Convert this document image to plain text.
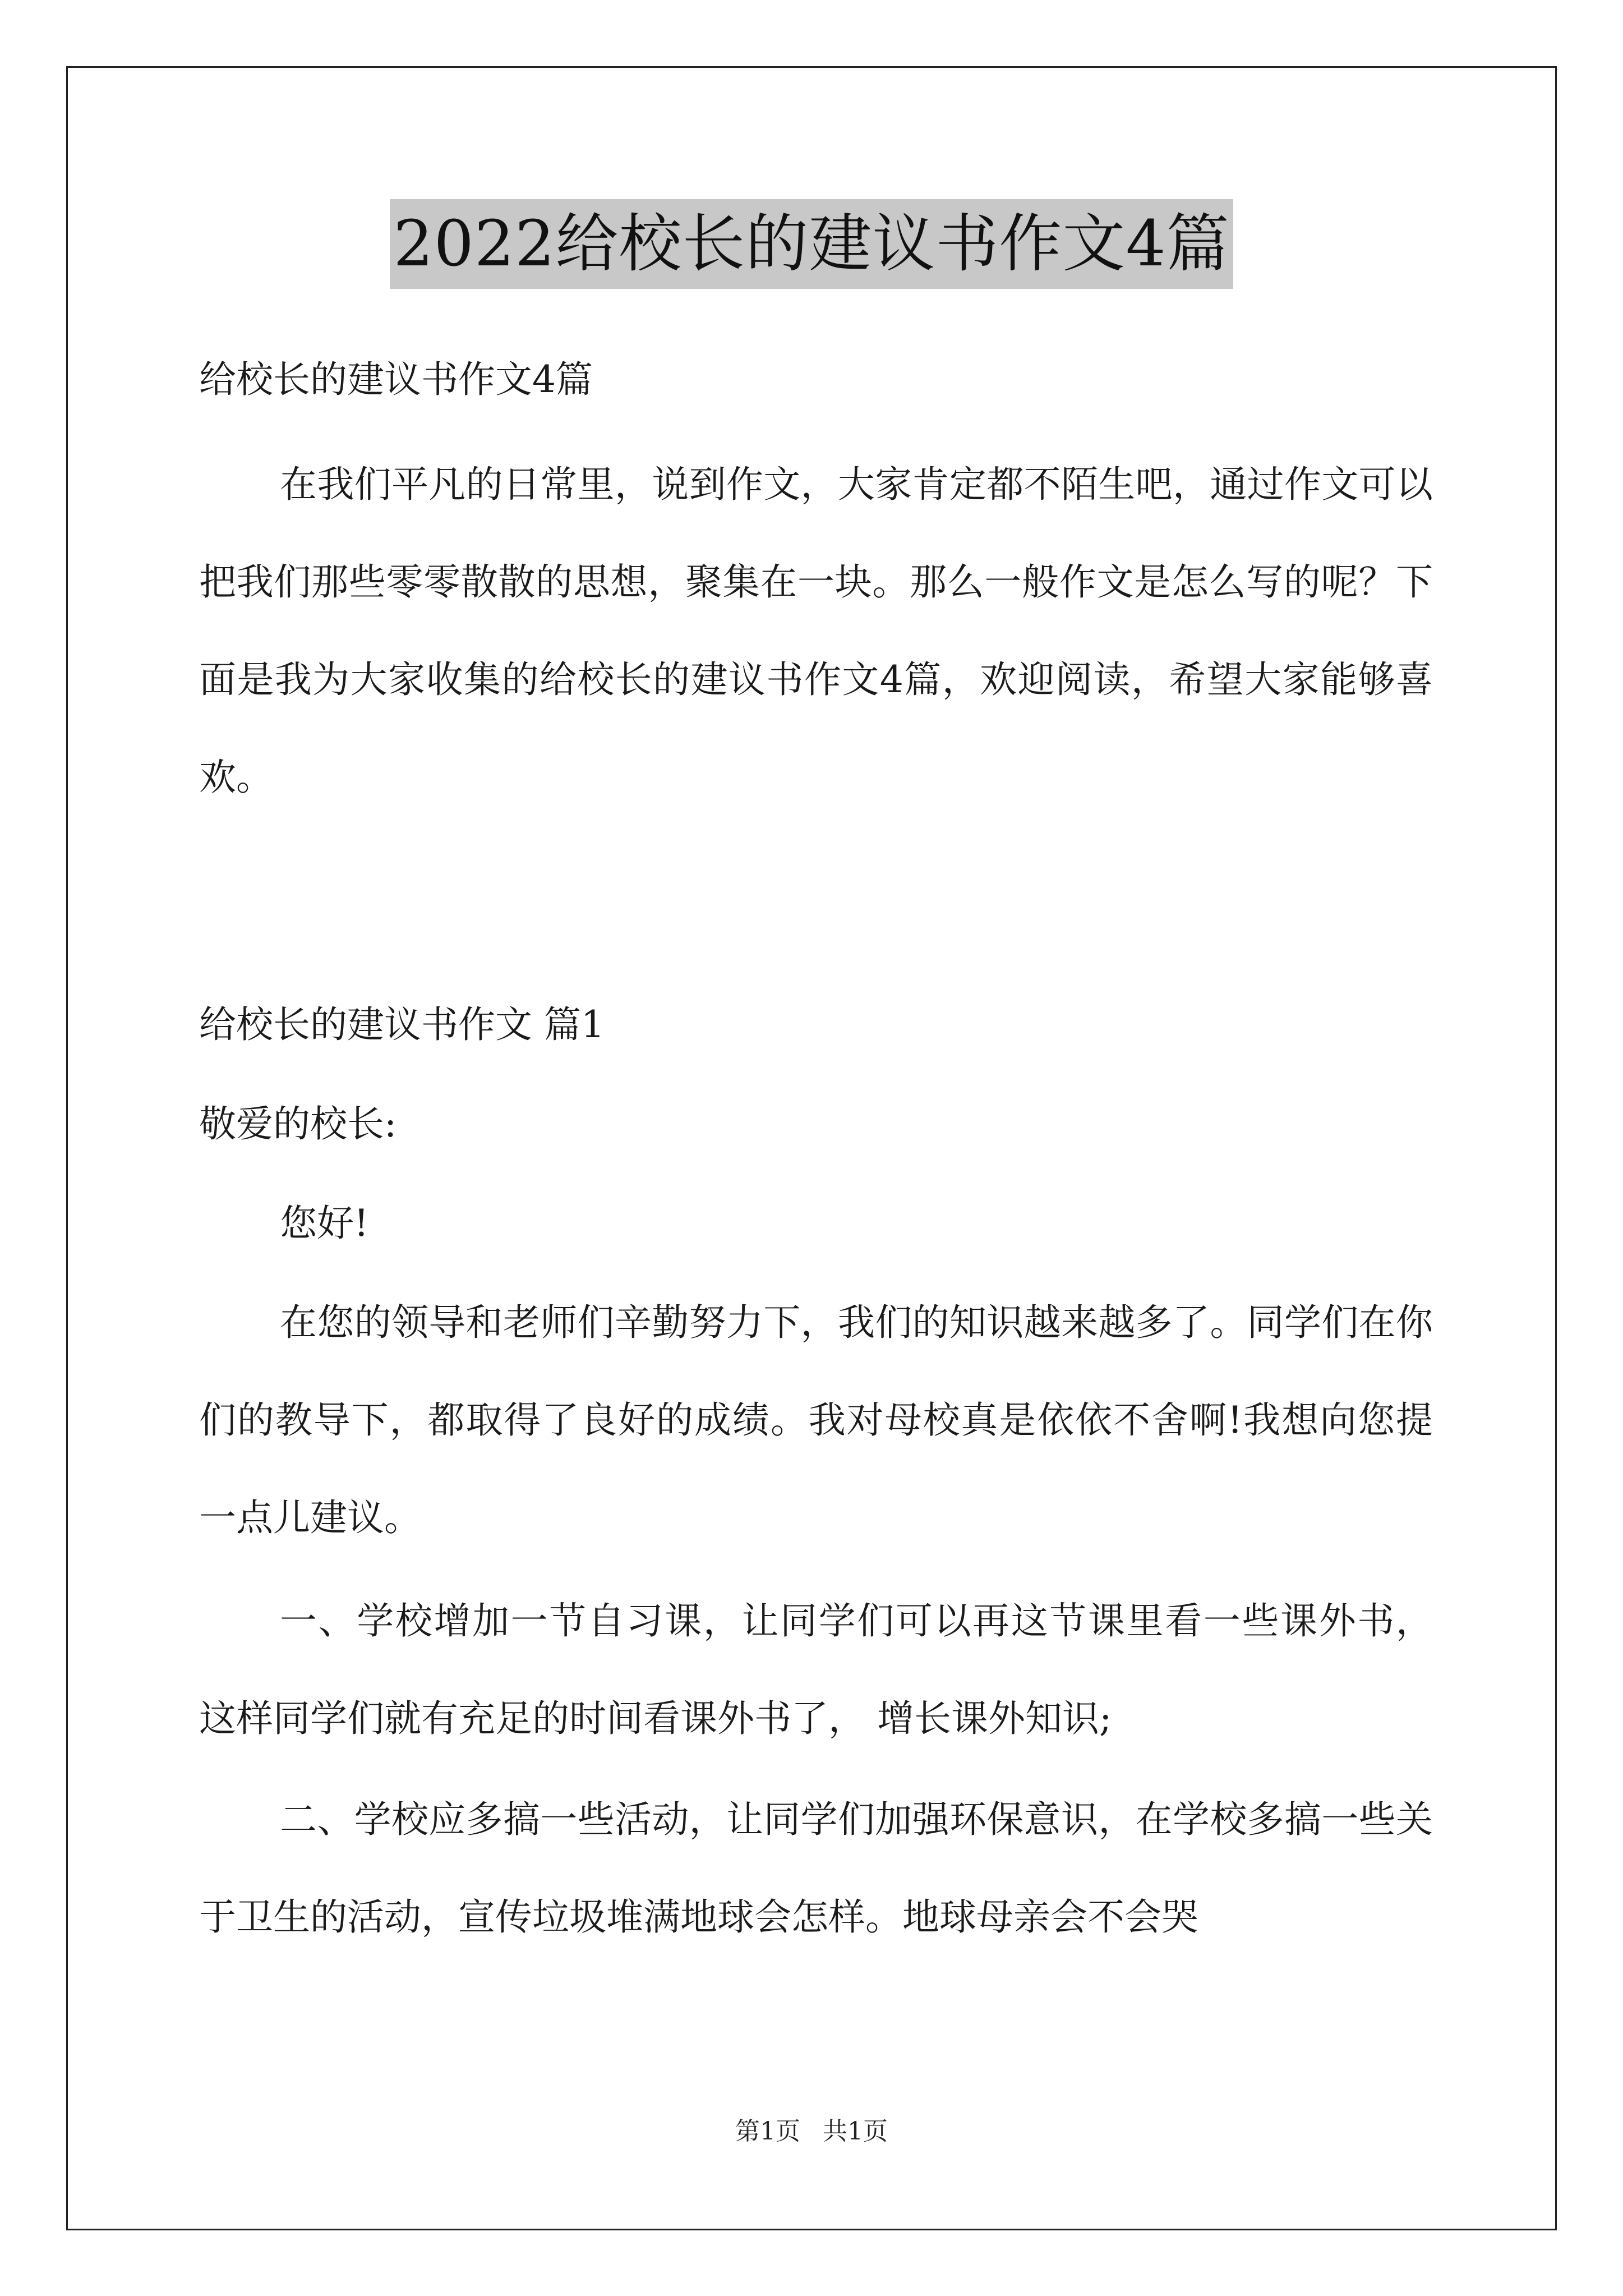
2022给校长的建议书作文4篇
给校长的建议书作文4篇
在我们平凡的日常里，说到作文，大家肯定都不陌生吧，通过作文可以把我们那些零零散散的思想，聚集在一块。那么一般作文是怎么写的呢？下面是我为大家收集的给校长的建议书作文4篇，欢迎阅读，希望大家能够喜欢。
给校长的建议书作文 篇1
敬爱的校长:
您好!
在您的领导和老师们辛勤努力下，我们的知识越来越多了。同学们在你们的教导下，都取得了良好的成绩。我对母校真是依依不舍啊!我想向您提一点儿建议。
一、学校增加一节自习课，让同学们可以再这节课里看一些课外书， 这样同学们就有充足的时间看课外书了， 增长课外知识;
二、学校应多搞一些活动，让同学们加强环保意识，在学校多搞一些关于卫生的活动，宣传垃圾堆满地球会怎样。地球母亲会不会哭
第1页 共1页
